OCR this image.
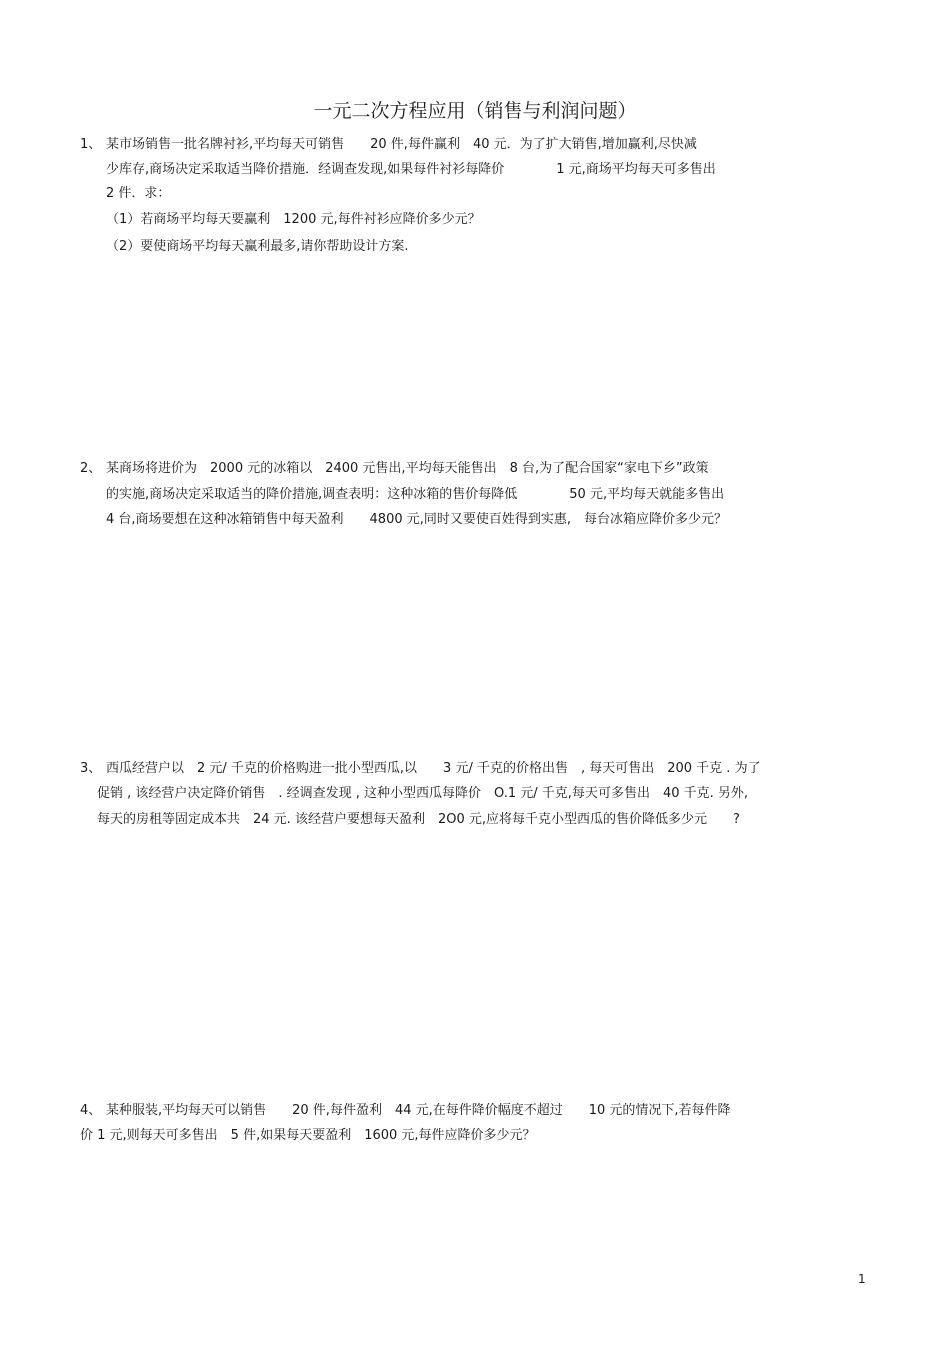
一元二次方程应用（销售与利润问题）
1、 某市场销售一批名牌衬衫,平均每天可销售　　20 件,每件赢利　40 元．为了扩大销售,增加赢利,尽快减
少库存,商场决定采取适当降价措施．经调查发现,如果每件衬衫每降价　　　　1 元,商场平均每天可多售出
2 件．求：
（1）若商场平均每天要赢利　1200 元,每件衬衫应降价多少元？
（2）要使商场平均每天赢利最多,请你帮助设计方案.
2、 某商场将进价为　2000 元的冰箱以　2400 元售出,平均每天能售出　8 台,为了配合国家“家电下乡”政策
的实施,商场决定采取适当的降价措施,调查表明：这种冰箱的售价每降低　　　　50 元,平均每天就能多售出
4 台,商场要想在这种冰箱销售中每天盈利　　4800 元,同时又要使百姓得到实惠,　每台冰箱应降价多少元？
3、 西瓜经营户以　2 元/ 千克的价格购进一批小型西瓜,以　　3 元/ 千克的价格出售　, 每天可售出　200 千克 . 为了
促销 , 该经营户决定降价销售　. 经调查发现 , 这种小型西瓜每降价　O.1 元/ 千克,每天可多售出　40 千克. 另外,
每天的房租等固定成本共　24 元. 该经营户要想每天盈利　2O0 元,应将每千克小型西瓜的售价降低多少元　　?
4、 某种服装,平均每天可以销售　　20 件,每件盈利　44 元,在每件降价幅度不超过　　10 元的情况下,若每件降
价 1 元,则每天可多售出　5 件,如果每天要盈利　1600 元,每件应降价多少元？
1
